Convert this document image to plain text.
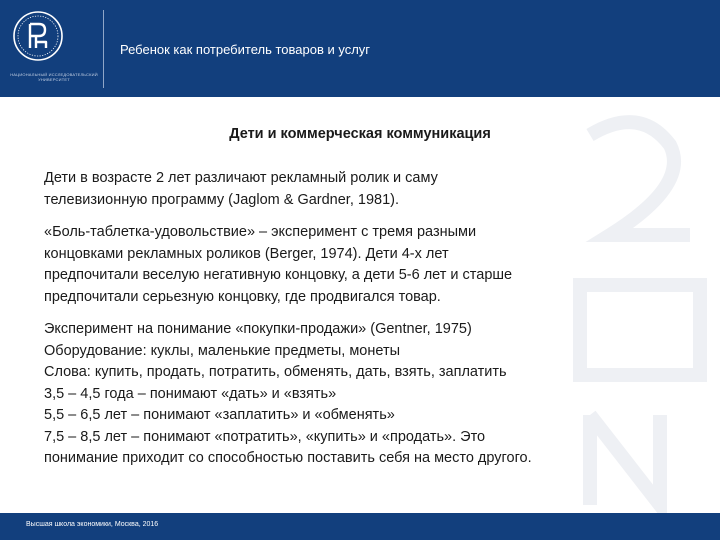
НАЦИОНАЛЬНЫЙ ИССЛЕДОВАТЕЛЬСКИЙ УНИВЕРСИТЕТ
Ребенок как потребитель товаров и услуг
Дети и коммерческая коммуникация

Дети в возрасте 2 лет различают рекламный ролик и саму

телевизионную программу (Jaglom & Gardner, 1981).

«Боль-таблетка-удовольствие» – эксперимент с тремя разными

концовками рекламных роликов (Berger, 1974). Дети 4-х лет

предпочитали веселую негативную концовку, а дети 5-6 лет и старше

предпочитали серьезную концовку, где продвигался товар.

Эксперимент на понимание «покупки-продажи» (Gentner, 1975)

Оборудование: куклы, маленькие предметы, монеты

Слова: купить, продать, потратить, обменять, дать, взять, заплатить

3,5 – 4,5 года – понимают «дать» и «взять»

5,5 – 6,5 лет – понимают «заплатить» и «обменять»

7,5 – 8,5 лет – понимают «потратить», «купить» и «продать». Это

понимание приходит со способностью поставить себя на место другого.

Высшая школа экономики, Москва, 2016
